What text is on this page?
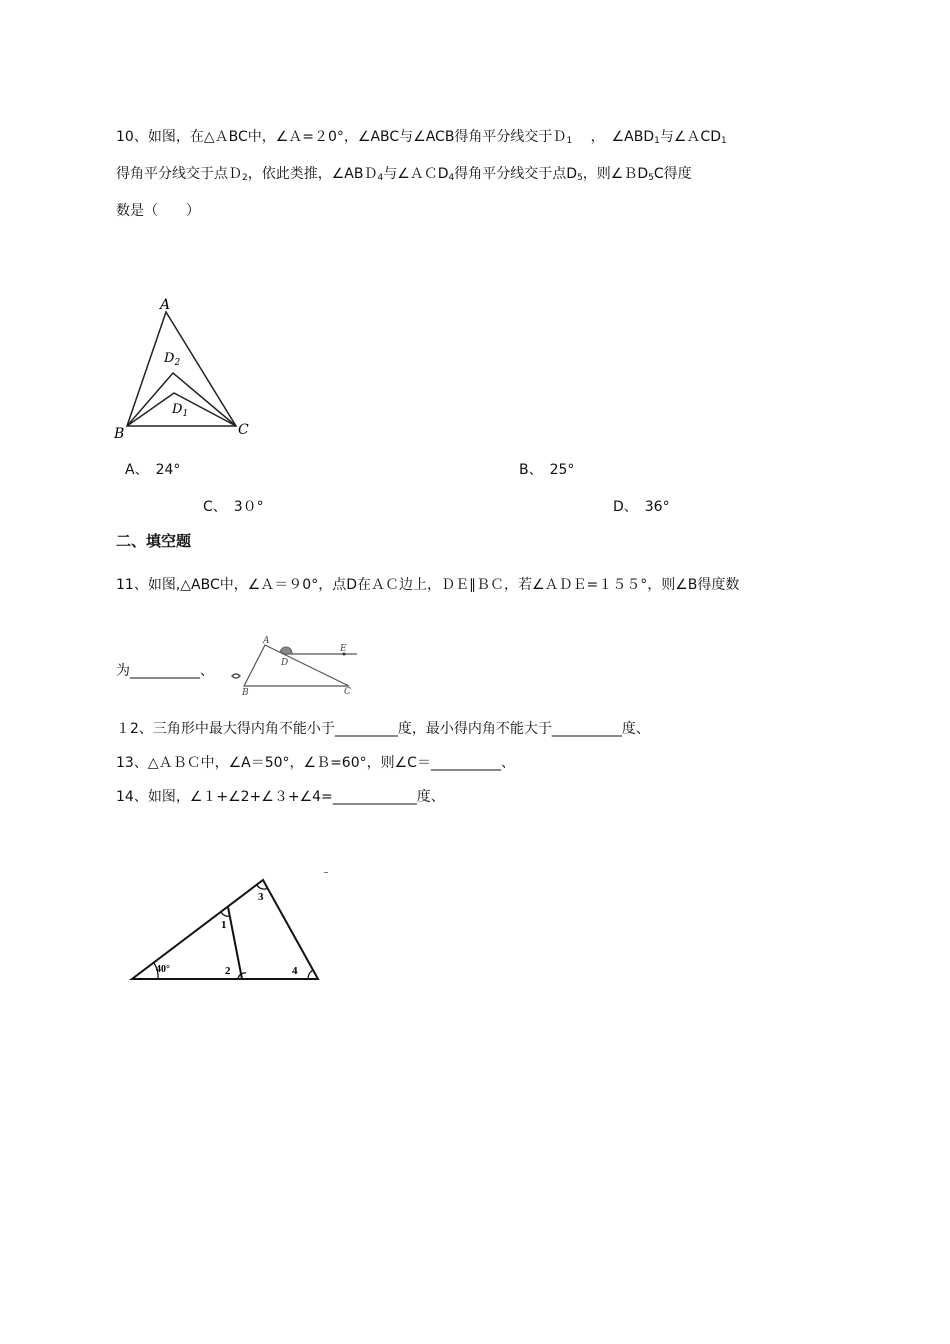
10、如图，在△ＡBC中，∠Ａ=２0°，∠ABC与∠ACB得角平分线交于Ｄ$_1$　 ，　$\angle ABD_1$与∠ＡCD$_1$
得角平分线交于点Ｄ$_2$，依此类推，∠ABＤ$_4$与∠ＡＣD$_4$得角平分线交于点$D_5$，则∠ＢD$_5$C得度
数是（　　）
A
B	C
$D_2$
$D_1$
A、　24°	B、　25°
C、　3０°	D、　36°
二、填空题
11、如图,△ABC中，∠Ａ＝９0°，点D在ＡＣ边上，ＤＥ∥ＢＣ，若∠ＡＤＥ=１５５°，则∠B得度数
为__________、
A
D
E
B	C
１2、三角形中最大得内角不能小于_________度，最小得内角不能大于__________度、
13、△ＡＢＣ中，∠A＝50°，∠Ｂ=60°，则∠C＝__________、
14、如图，∠１+∠2+∠３+∠4=____________度、
40°
1
2
3
4
